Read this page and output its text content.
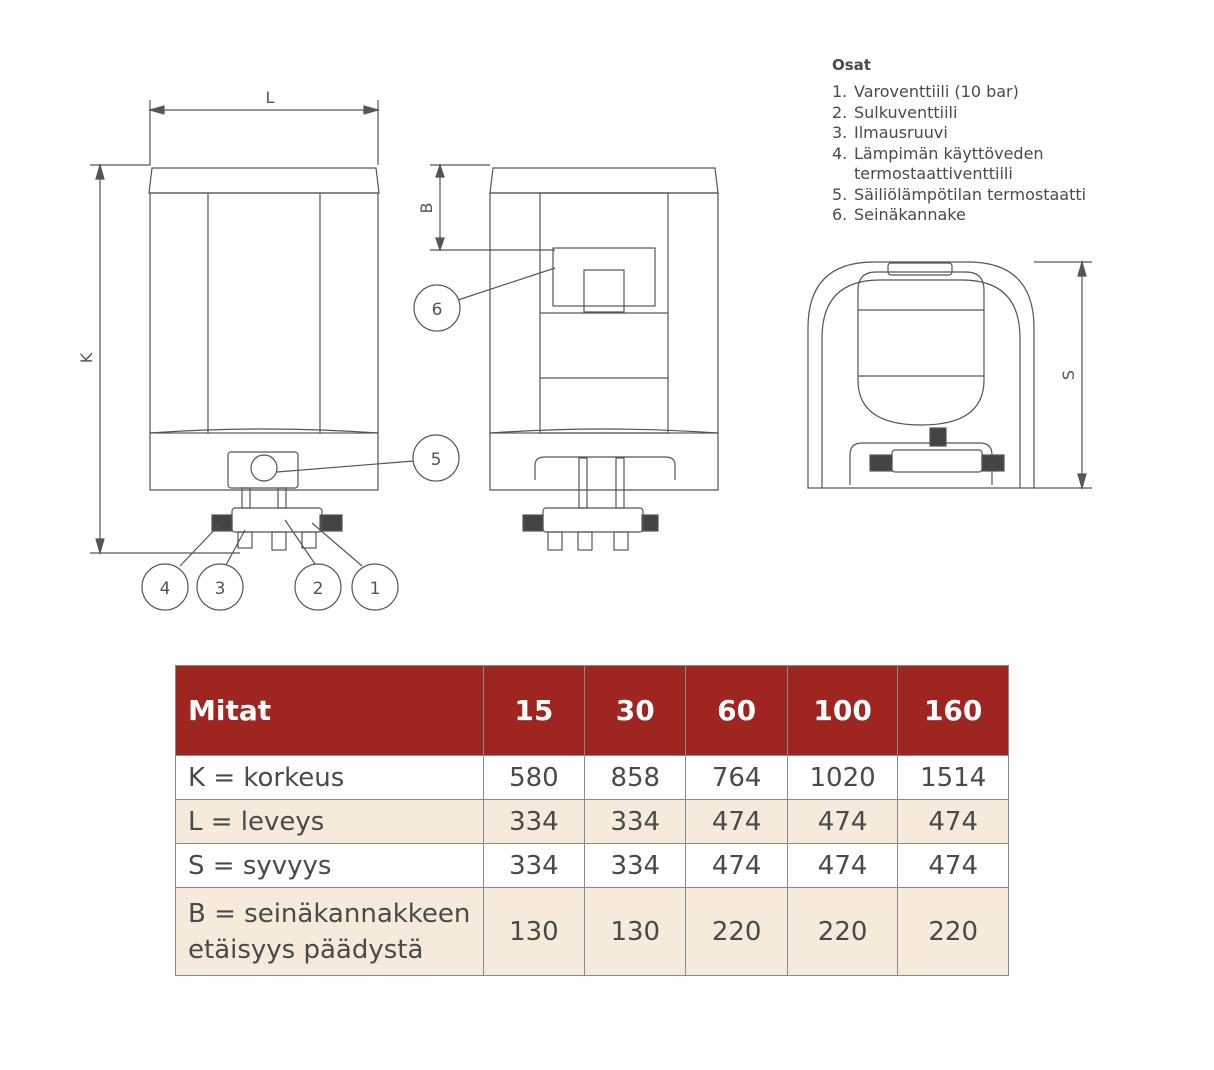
L
K
B
S
6
5
4	3	2	1
Osat
1. Varoventtiili (10 bar)
2. Sulkuventtiili
3. Ilmausruuvi
4. Lämpimän käyttöveden termostaattiventtiili
5. Säiliölämpötilan termostaatti
6. Seinäkannake
Mitat	15	30	60	100	160
K = korkeus	580	858	764	1020	1514
L = leveys	334	334	474	474	474
S = syvyys	334	334	474	474	474
B = seinäkannakkeen etäisyys päädystä	130	130	220	220	220
